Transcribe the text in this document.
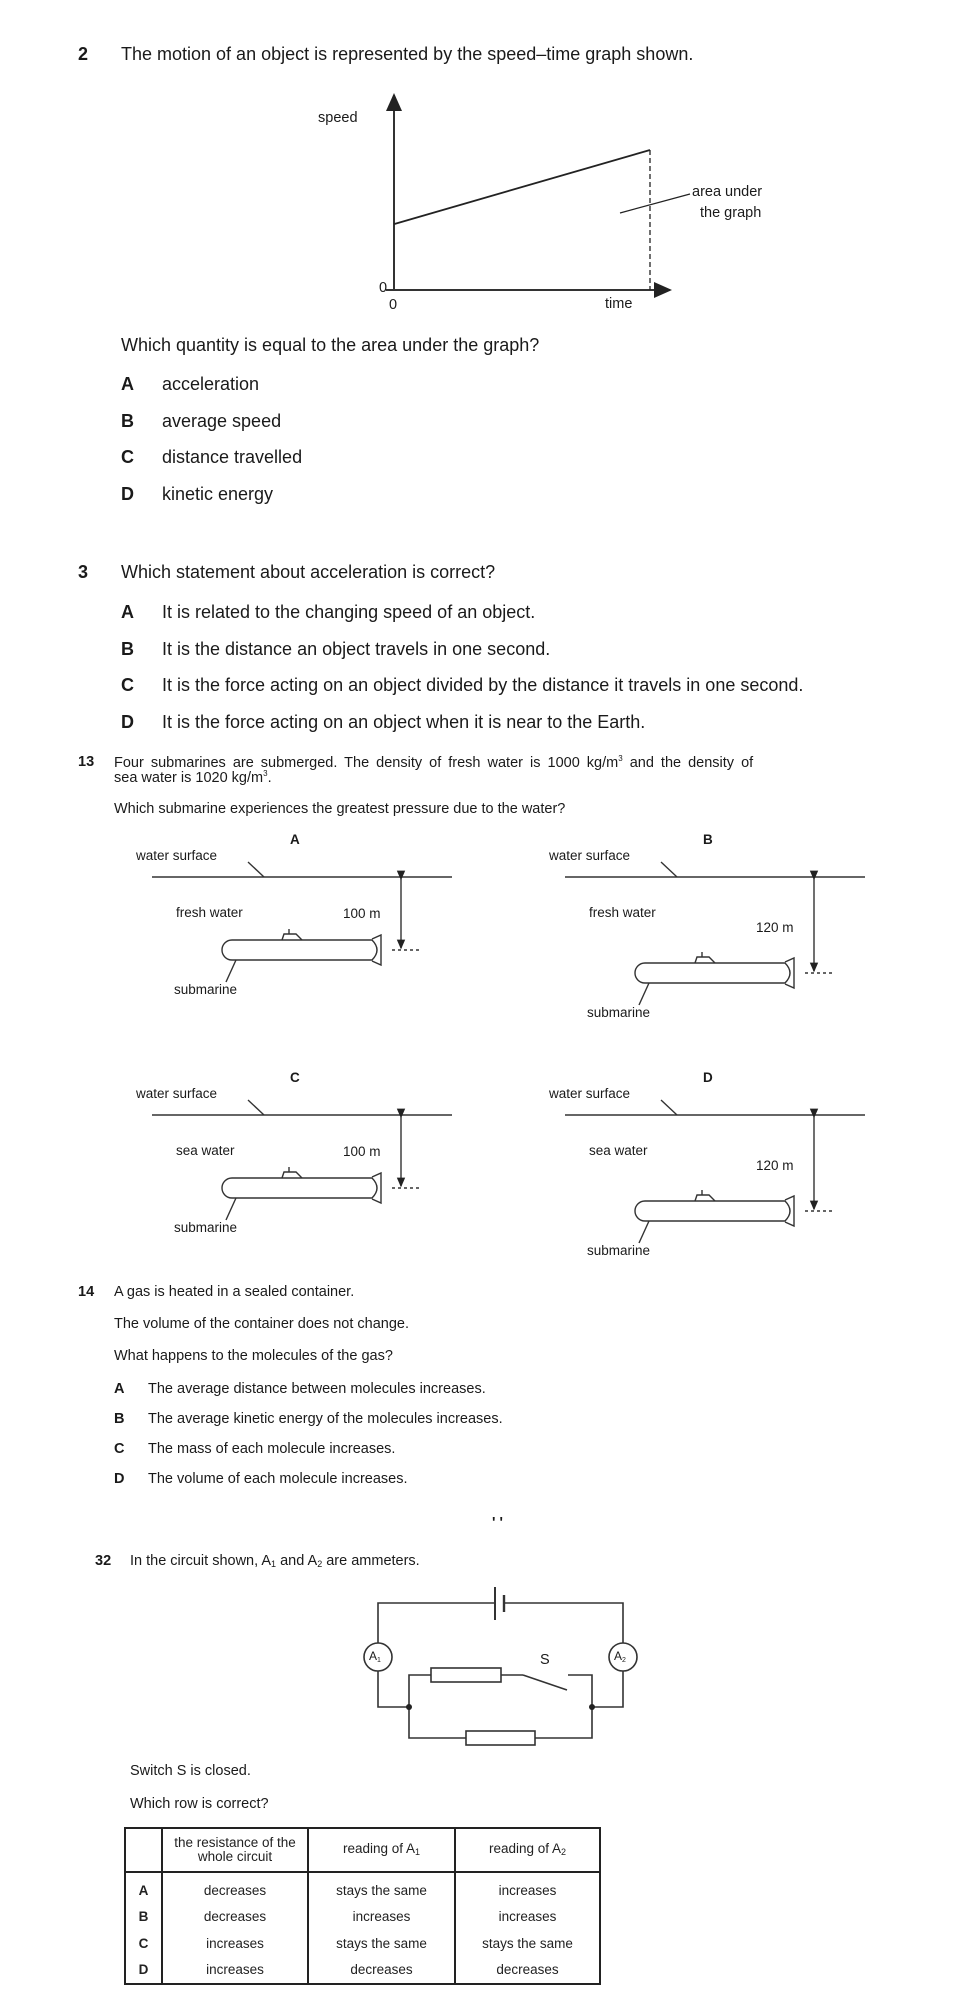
2 The motion of an object is represented by the speed–time graph shown.
speed
0
0	time
area under
the graph
Which quantity is equal to the area under the graph?
A acceleration
B average speed
C distance travelled
D kinetic energy
3 Which statement about acceleration is correct?
A It is related to the changing speed of an object.
B It is the distance an object travels in one second.
C It is the force acting on an object divided by the distance it travels in one second.
D It is the force acting on an object when it is near to the Earth.
13 Four submarines are submerged. The density of fresh water is 1000 $kg/m^3$ and the density of
sea water is 1020 $kg/m^3$.
Which submarine experiences the greatest pressure due to the water?
A
water surface
fresh water	100 m
submarine
B
water surface
fresh water
120 m
submarine
C
water surface
sea water	100 m
submarine
D
water surface
sea water
120 m
submarine
14 A gas is heated in a sealed container.
The volume of the container does not change.
What happens to the molecules of the gas?
A The average distance between molecules increases.
B The average kinetic energy of the molecules increases.
C The mass of each molecule increases.
D The volume of each molecule increases.
' '
32 In the circuit shown, $A_1$ and $A_2$ are ammeters.
$A_1$	$A_2$
S
Switch S is closed.
Which row is correct?
	the resistance of the whole circuit	reading of $A_1$	reading of $A_2$
A	decreases	stays the same	increases
B	decreases	increases	increases
C	increases	stays the same	stays the same
D	increases	decreases	decreases
